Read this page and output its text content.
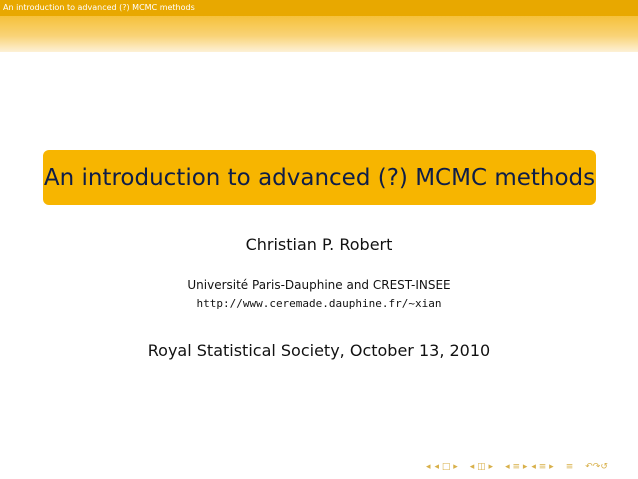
An introduction to advanced (?) MCMC methods
An introduction to advanced (?) MCMC methods
Christian P. Robert
Université Paris-Dauphine and CREST-INSEE
http://www.ceremade.dauphine.fr/~xian
Royal Statistical Society, October 13, 2010
◂ ◂ □ ▸ ◂ ◫ ▸ ◂ ≡ ▸ ◂ ≡ ▸ ≡ ↶↷↺
